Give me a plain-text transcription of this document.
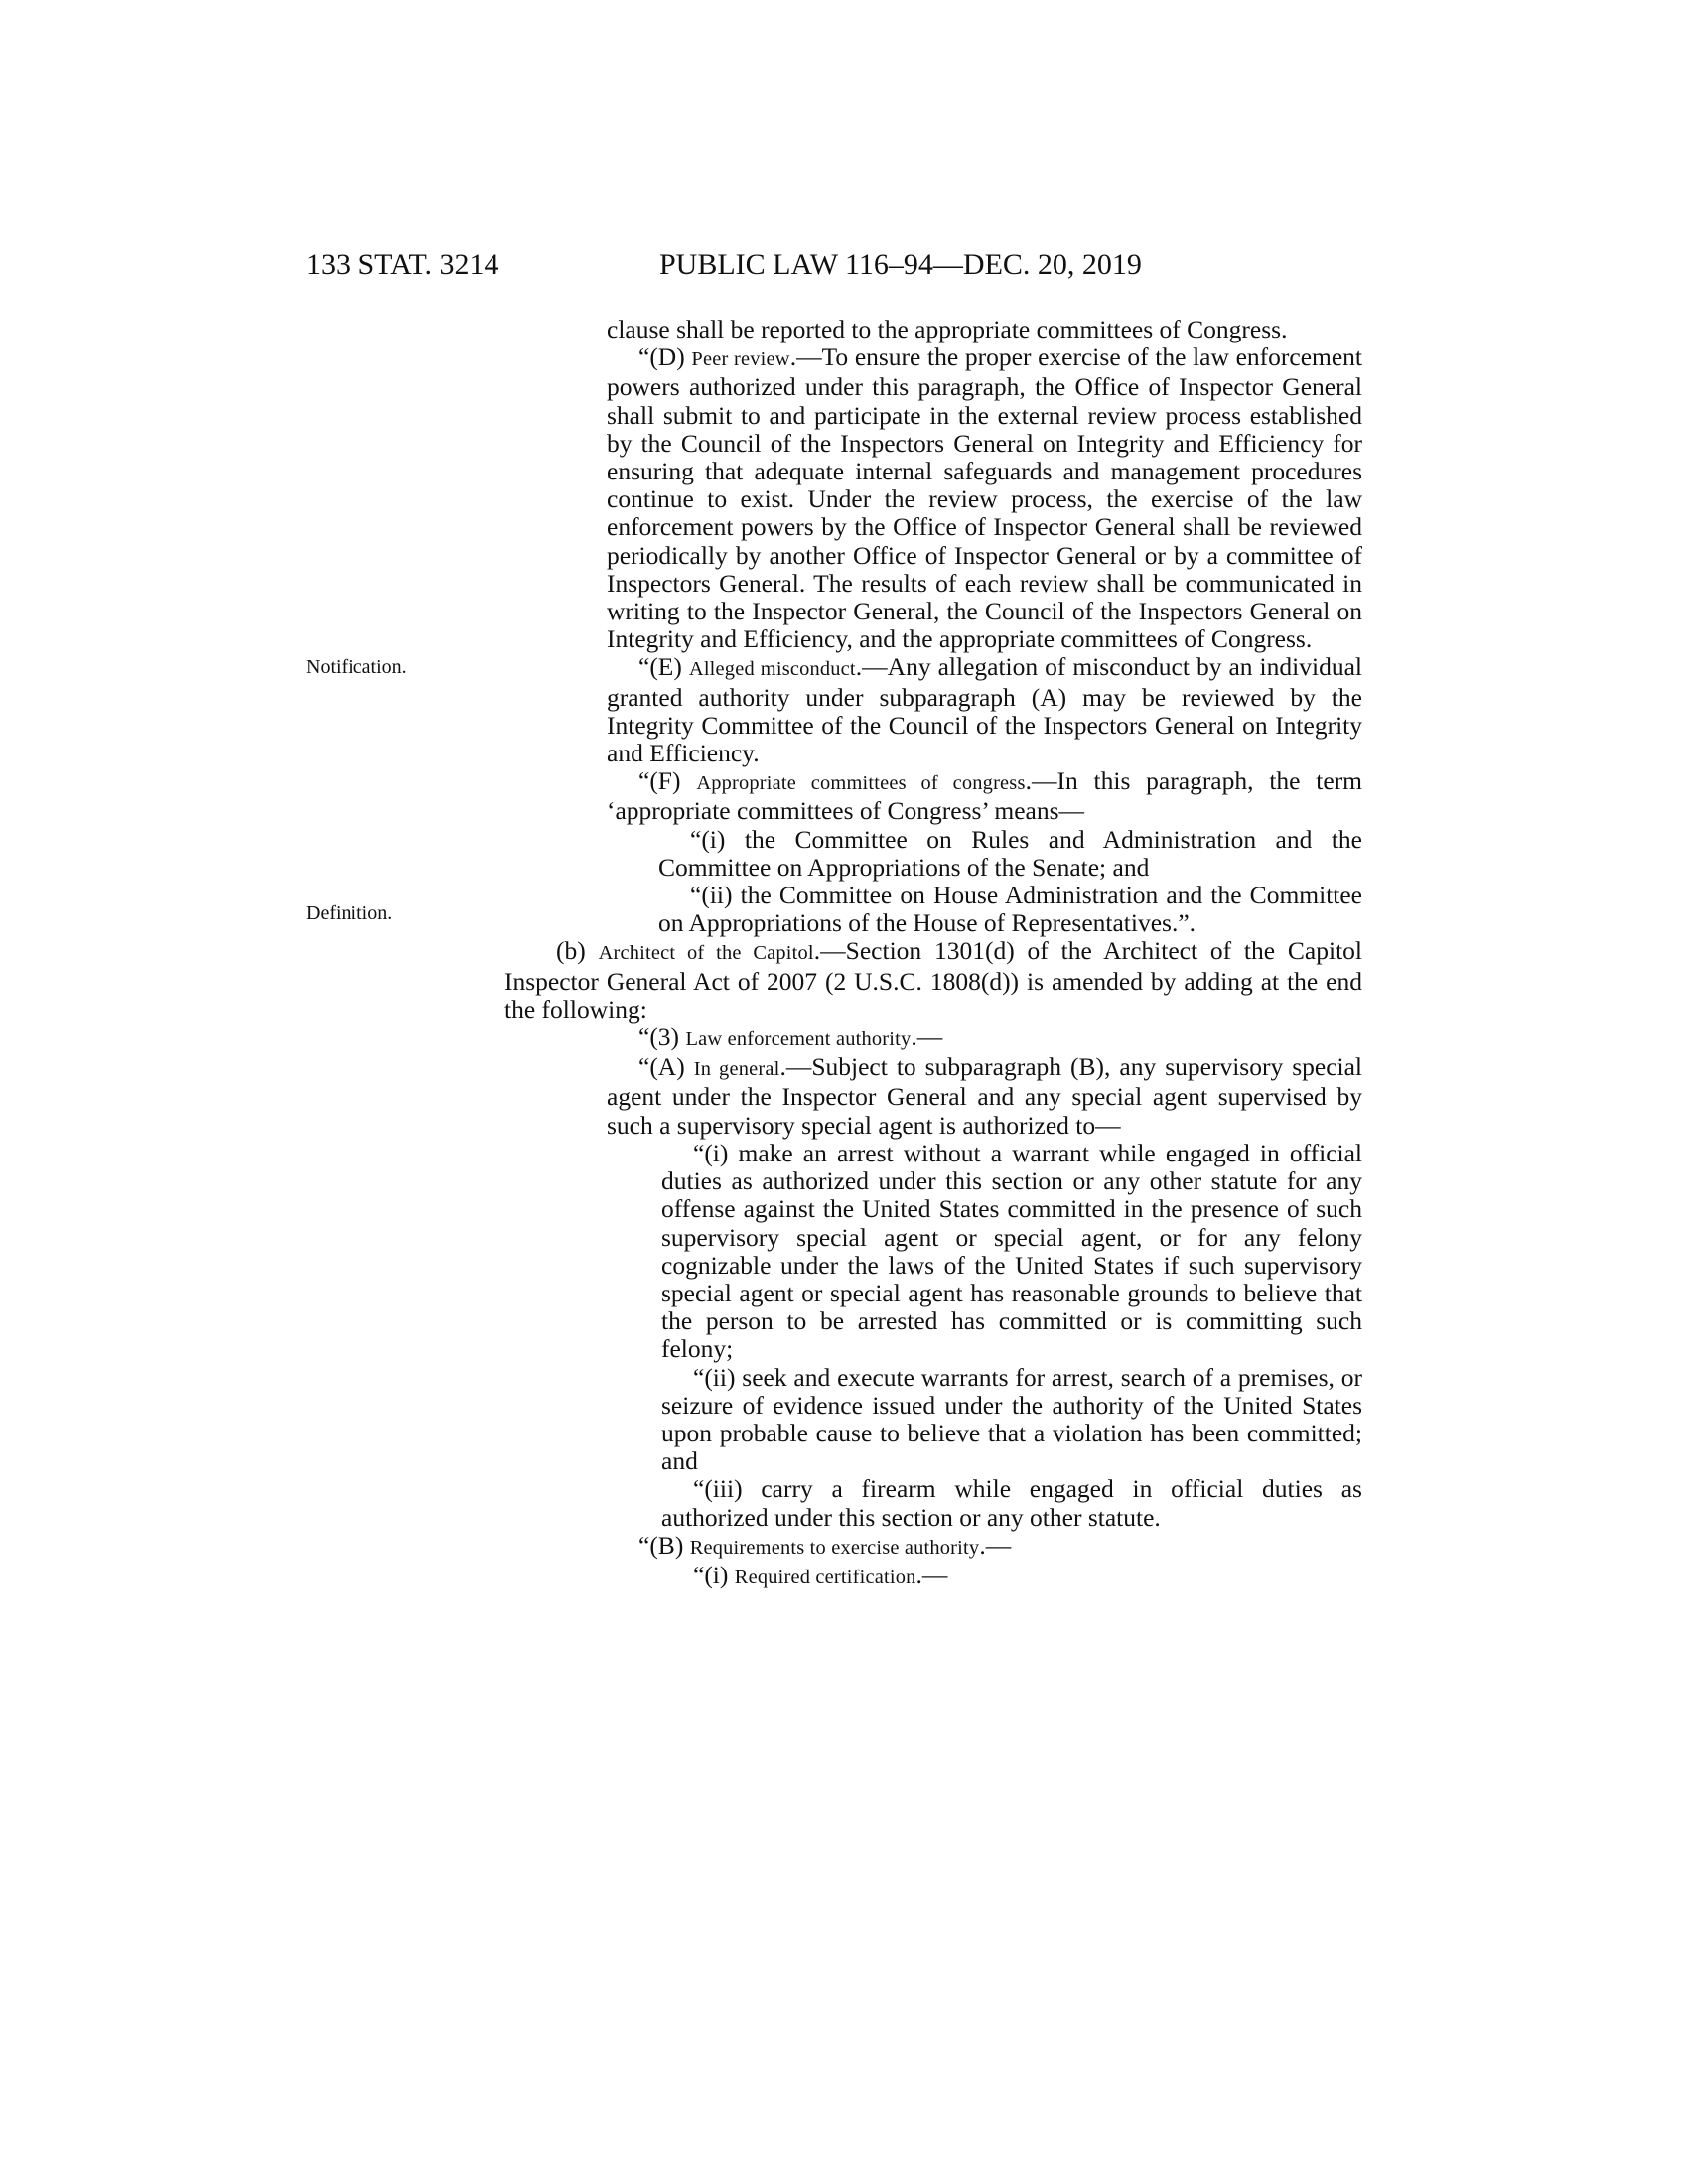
133 STAT. 3214	PUBLIC LAW 116–94—DEC. 20, 2019
Notification.
Definition.

clause shall be reported to the appropriate committees of Congress.

“(D) Peer review.—To ensure the proper exercise of the law enforcement powers authorized under this paragraph, the Office of Inspector General shall submit to and participate in the external review process established by the Council of the Inspectors General on Integrity and Efficiency for ensuring that adequate internal safeguards and management procedures continue to exist. Under the review process, the exercise of the law enforcement powers by the Office of Inspector General shall be reviewed periodically by another Office of Inspector General or by a committee of Inspectors General. The results of each review shall be communicated in writing to the Inspector General, the Council of the Inspectors General on Integrity and Efficiency, and the appropriate committees of Congress.

“(E) Alleged misconduct.—Any allegation of misconduct by an individual granted authority under subparagraph (A) may be reviewed by the Integrity Committee of the Council of the Inspectors General on Integrity and Efficiency.

“(F) Appropriate committees of congress.—In this paragraph, the term ‘appropriate committees of Congress’ means—

“(i) the Committee on Rules and Administration and the Committee on Appropriations of the Senate; and

“(ii) the Committee on House Administration and the Committee on Appropriations of the House of Representatives.”.

(b) Architect of the Capitol.—Section 1301(d) of the Architect of the Capitol Inspector General Act of 2007 (2 U.S.C. 1808(d)) is amended by adding at the end the following:

“(3) Law enforcement authority.—

“(A) In general.—Subject to subparagraph (B), any supervisory special agent under the Inspector General and any special agent supervised by such a supervisory special agent is authorized to—

“(i) make an arrest without a warrant while engaged in official duties as authorized under this section or any other statute for any offense against the United States committed in the presence of such supervisory special agent or special agent, or for any felony cognizable under the laws of the United States if such supervisory special agent or special agent has reasonable grounds to believe that the person to be arrested has committed or is committing such felony;

“(ii) seek and execute warrants for arrest, search of a premises, or seizure of evidence issued under the authority of the United States upon probable cause to believe that a violation has been committed; and

“(iii) carry a firearm while engaged in official duties as authorized under this section or any other statute.

“(B) Requirements to exercise authority.—

“(i) Required certification.—
